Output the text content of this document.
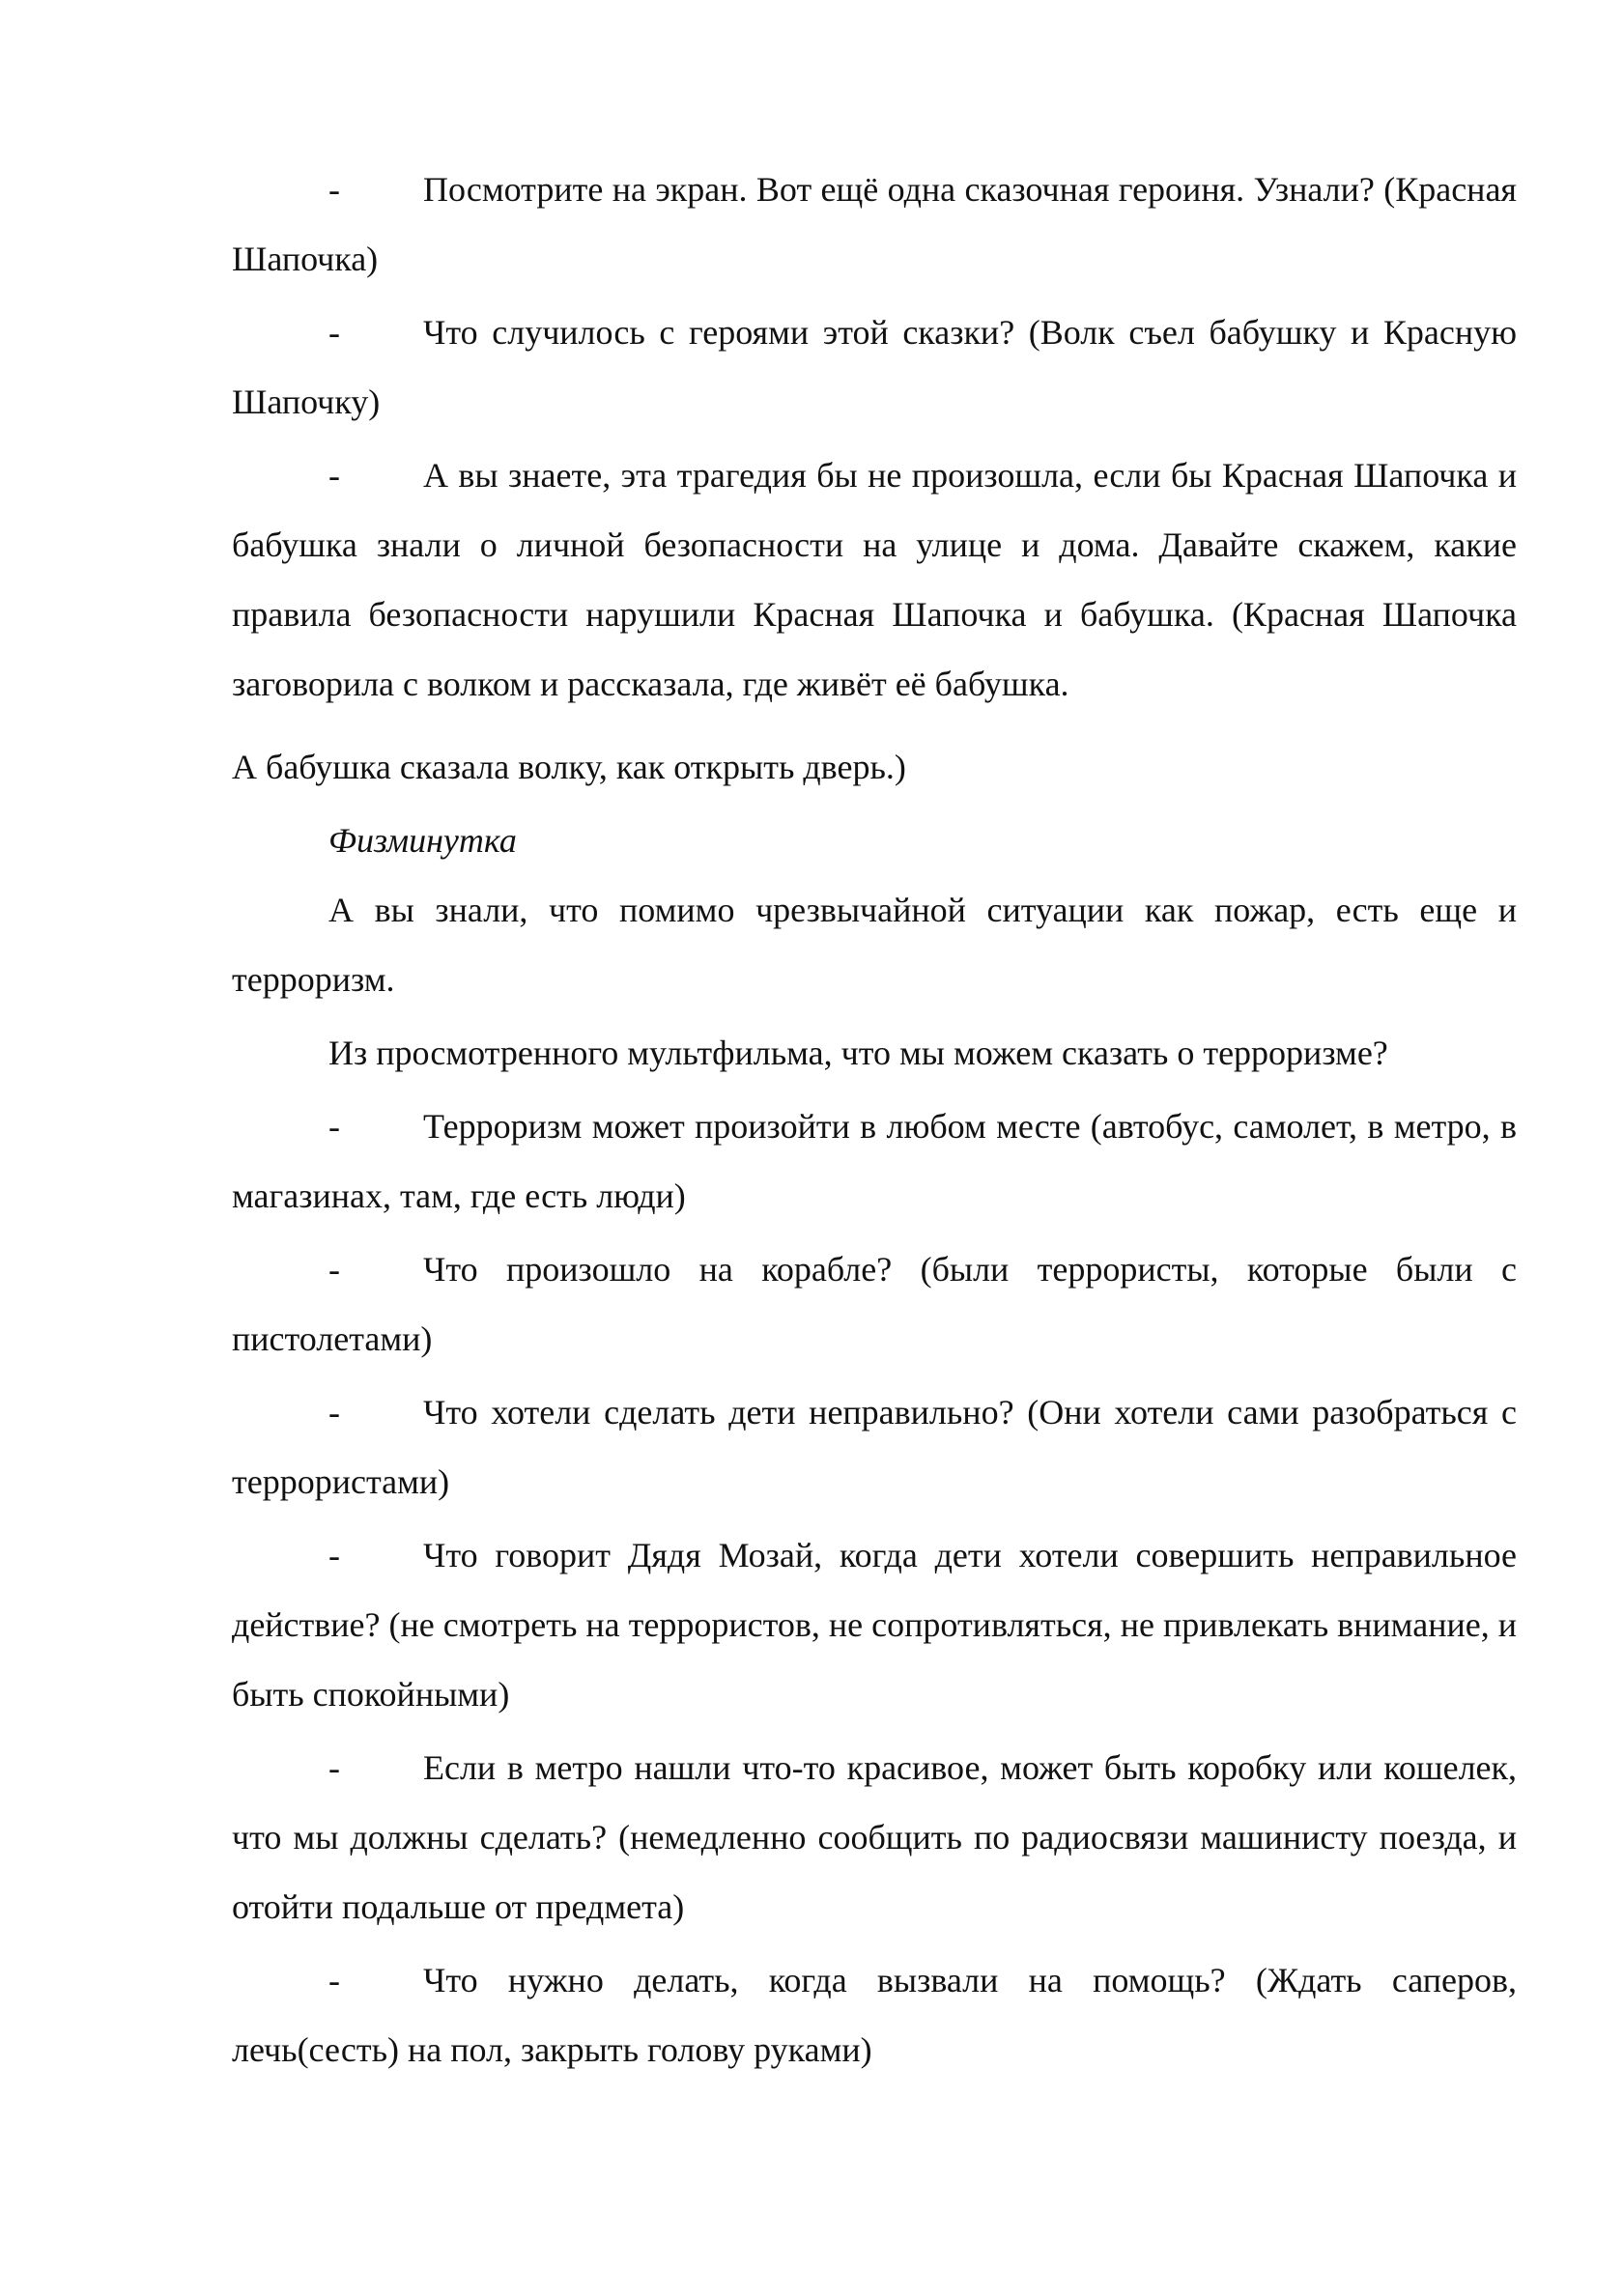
- Посмотрите на экран. Вот ещё одна сказочная героиня. Узнали? (Красная Шапочка)

- Что случилось с героями этой сказки? (Волк съел бабушку и Красную Шапочку)

- А вы знаете, эта трагедия бы не произошла, если бы Красная Шапочка и бабушка знали о личной безопасности на улице и дома. Давайте скажем, какие правила безопасности нарушили Красная Шапочка и бабушка. (Красная Шапочка заговорила с волком и рассказала, где живёт её бабушка.

А бабушка сказала волку, как открыть дверь.)

Физминутка

А вы знали, что помимо чрезвычайной ситуации как пожар, есть еще и терроризм.

Из просмотренного мультфильма, что мы можем сказать о терроризме?

- Терроризм может произойти в любом месте (автобус, самолет, в метро, в магазинах, там, где есть люди)

- Что произошло на корабле? (были террористы, которые были с пистолетами)

- Что хотели сделать дети неправильно? (Они хотели сами разобраться с террористами)

- Что говорит Дядя Мозай, когда дети хотели совершить неправильное действие? (не смотреть на террористов, не сопротивляться, не привлекать внимание, и быть спокойными)

- Если в метро нашли что-то красивое, может быть коробку или кошелек, что мы должны сделать? (немедленно сообщить по радиосвязи машинисту поезда, и отойти подальше от предмета)

- Что нужно делать, когда вызвали на помощь? (Ждать саперов, лечь(сесть) на пол, закрыть голову руками)
